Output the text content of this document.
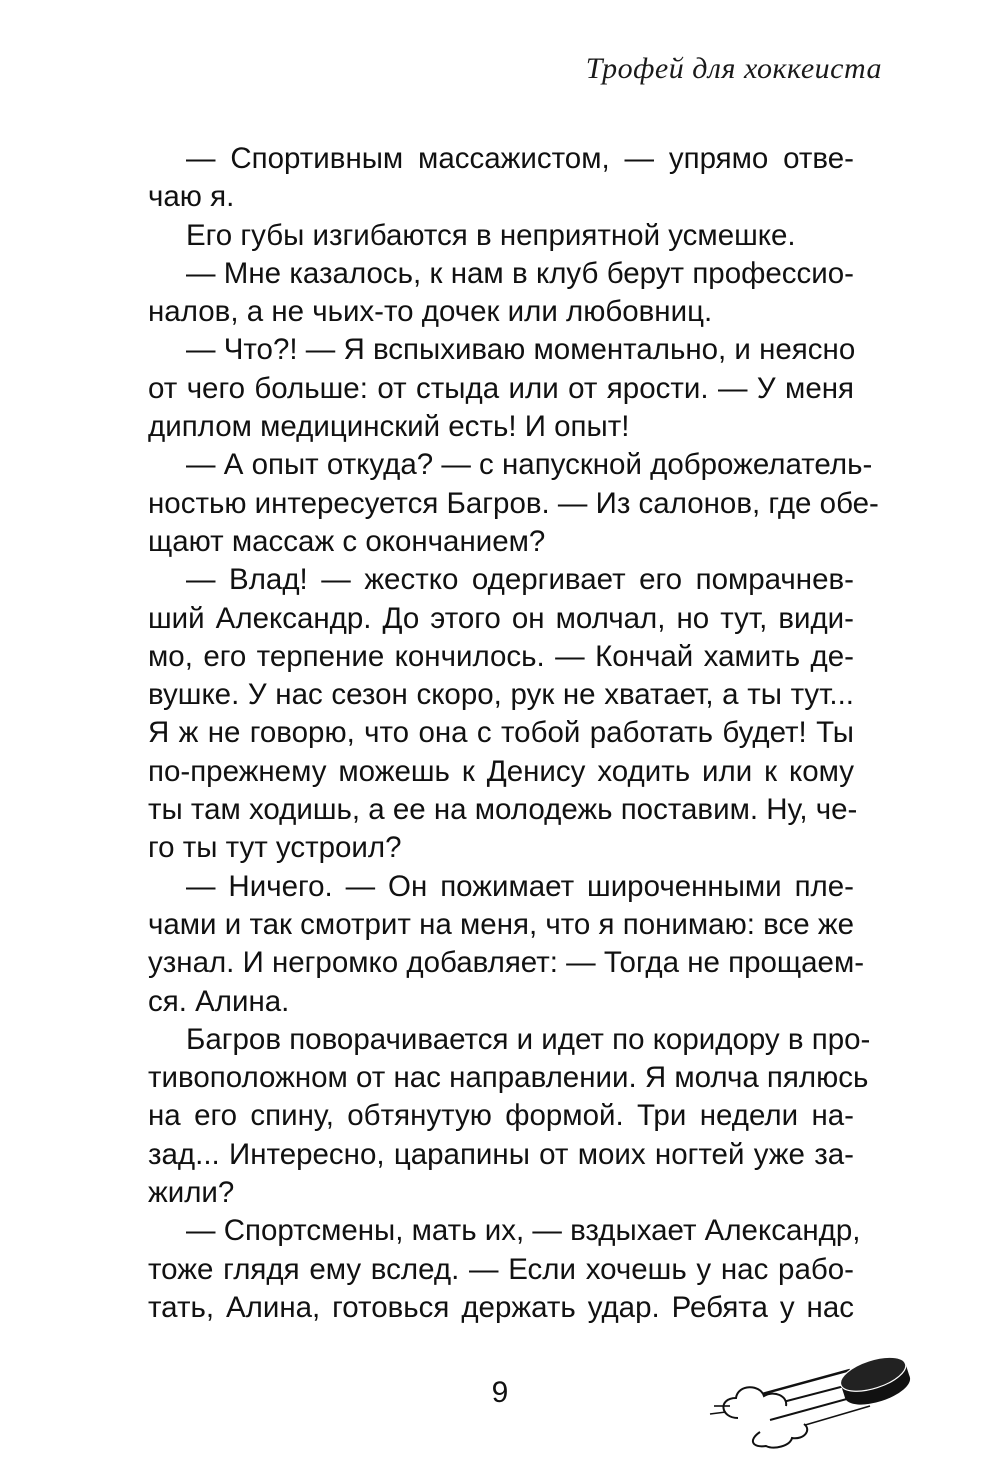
Трофей для хоккеиста
— Спортивным массажистом, — упрямо отве-
чаю я.
Его губы изгибаются в неприятной усмешке.
— Мне казалось, к нам в клуб берут профессио-
налов, а не чьих-то дочек или любовниц.
— Что?! — Я вспыхиваю моментально, и неясно
от чего больше: от стыда или от ярости. — У меня
диплом медицинский есть! И опыт!
— А опыт откуда? — с напускной доброжелатель-
ностью интересуется Багров. — Из салонов, где обе-
щают массаж с окончанием?
— Влад! — жестко одергивает его помрачнев-
ший Александр. До этого он молчал, но тут, види-
мо, его терпение кончилось. — Кончай хамить де-
вушке. У нас сезон скоро, рук не хватает, а ты тут...
Я ж не говорю, что она с тобой работать будет! Ты
по-прежнему можешь к Денису ходить или к кому
ты там ходишь, а ее на молодежь поставим. Ну, че-
го ты тут устроил?
— Ничего. — Он пожимает широченными пле-
чами и так смотрит на меня, что я понимаю: все же
узнал. И негромко добавляет: — Тогда не прощаем-
ся. Алина.
Багров поворачивается и идет по коридору в про-
тивоположном от нас направлении. Я молча пялюсь
на его спину, обтянутую формой. Три недели на-
зад... Интересно, царапины от моих ногтей уже за-
жили?
— Спортсмены, мать их, — вздыхает Александр,
тоже глядя ему вслед. — Если хочешь у нас рабо-
тать, Алина, готовься держать удар. Ребята у нас
9
